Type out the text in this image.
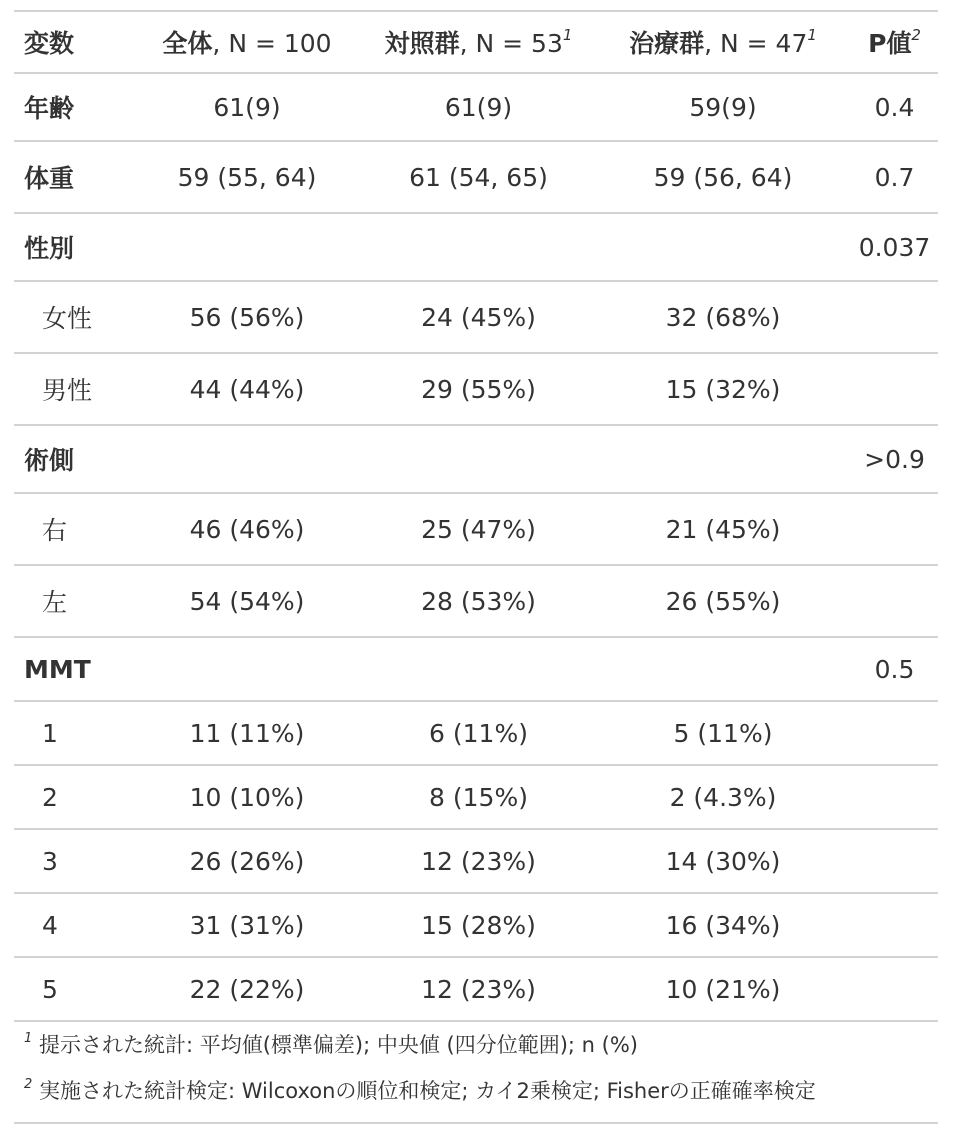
変数	全体, N = 100	対照群, $N = 53^1$	治療群, $N = 47^1$	P値$^2$
年齢	61(9)	61(9)	59(9)	0.4
体重	59 (55, 64)	61 (54, 65)	59 (56, 64)	0.7
性別				0.037
女性	56 (56%)	24 (45%)	32 (68%)	
男性	44 (44%)	29 (55%)	15 (32%)	
術側				>0.9
右	46 (46%)	25 (47%)	21 (45%)	
左	54 (54%)	28 (53%)	26 (55%)	
MMT				0.5
1	11 (11%)	6 (11%)	5 (11%)	
2	10 (10%)	8 (15%)	2 (4.3%)	
3	26 (26%)	12 (23%)	14 (30%)	
4	31 (31%)	15 (28%)	16 (34%)	
5	22 (22%)	12 (23%)	10 (21%)	
$^1$ 提示された統計: 平均値(標準偏差); 中央値 (四分位範囲); n (%)
$^2$ 実施された統計検定: Wilcoxonの順位和検定; カイ2乗検定; Fisherの正確確率検定
